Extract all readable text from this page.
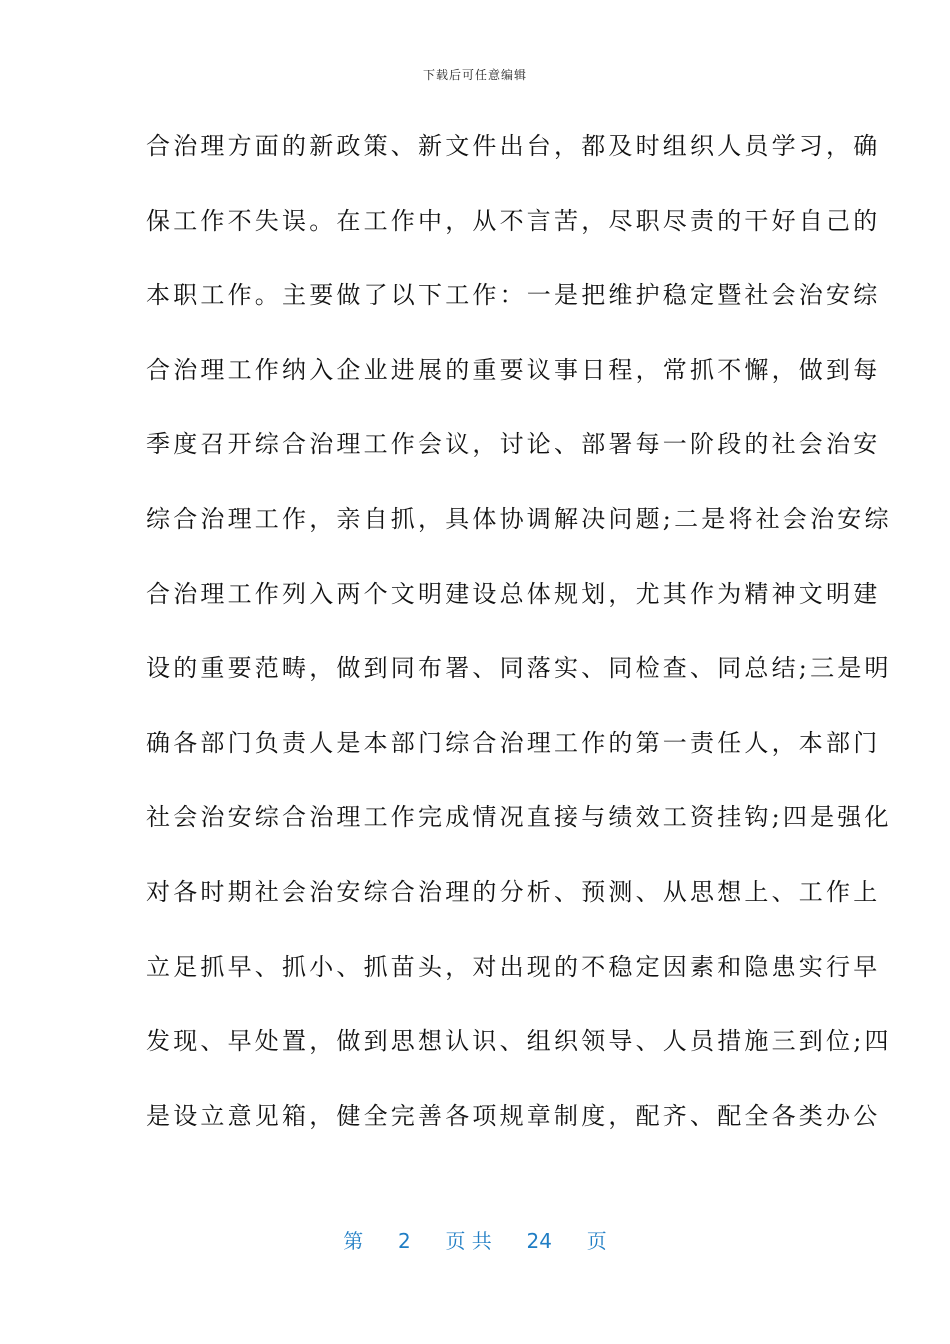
下载后可任意编辑
合治理方面的新政策、新文件出台，都及时组织人员学习，确
保工作不失误。在工作中，从不言苦，尽职尽责的干好自己的
本职工作。主要做了以下工作：一是把维护稳定暨社会治安综
合治理工作纳入企业进展的重要议事日程，常抓不懈，做到每
季度召开综合治理工作会议，讨论、部署每一阶段的社会治安
综合治理工作，亲自抓，具体协调解决问题;二是将社会治安综
合治理工作列入两个文明建设总体规划，尤其作为精神文明建
设的重要范畴，做到同布署、同落实、同检查、同总结;三是明
确各部门负责人是本部门综合治理工作的第一责任人，本部门
社会治安综合治理工作完成情况直接与绩效工资挂钩;四是强化
对各时期社会治安综合治理的分析、预测、从思想上、工作上
立足抓早、抓小、抓苗头，对出现的不稳定因素和隐患实行早
发现、早处置，做到思想认识、组织领导、人员措施三到位;四
是设立意见箱，健全完善各项规章制度，配齐、配全各类办公
第 2 页 共 24 页
